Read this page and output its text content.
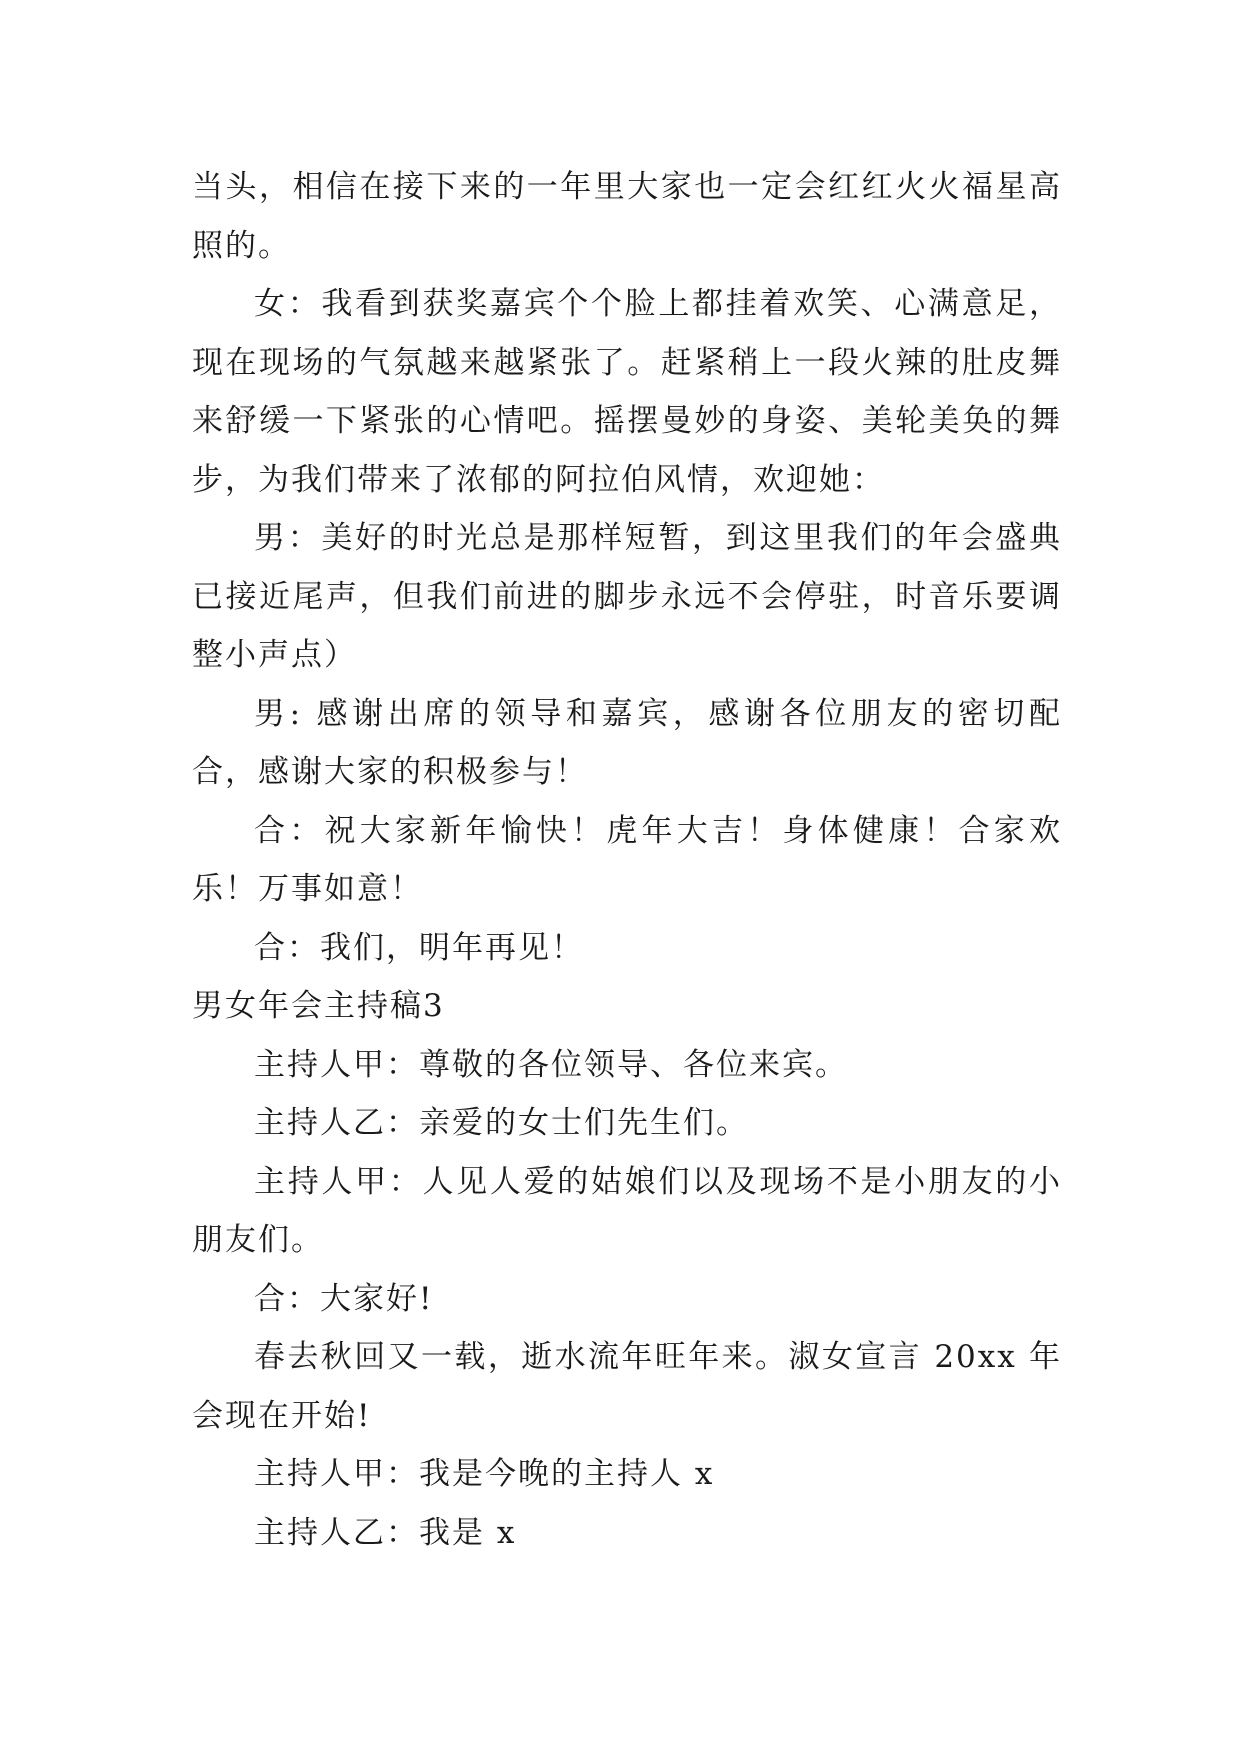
当头，相信在接下来的一年里大家也一定会红红火火福星高照的。

女：我看到获奖嘉宾个个脸上都挂着欢笑、心满意足，现在现场的气氛越来越紧张了。赶紧稍上一段火辣的肚皮舞来舒缓一下紧张的心情吧。摇摆曼妙的身姿、美轮美奂的舞步，为我们带来了浓郁的阿拉伯风情，欢迎她：

男：美好的时光总是那样短暂，到这里我们的年会盛典已接近尾声，但我们前进的脚步永远不会停驻，时音乐要调整小声点）

男: 感谢出席的领导和嘉宾，感谢各位朋友的密切配合，感谢大家的积极参与！

合：祝大家新年愉快！虎年大吉！身体健康！合家欢乐！万事如意！

合：我们，明年再见！

男女年会主持稿3

主持人甲：尊敬的各位领导、各位来宾。

主持人乙：亲爱的女士们先生们。

主持人甲：人见人爱的姑娘们以及现场不是小朋友的小朋友们。

合：大家好!

春去秋回又一载，逝水流年旺年来。淑女宣言 20xx 年会现在开始!

主持人甲：我是今晚的主持人 x

主持人乙：我是 x
